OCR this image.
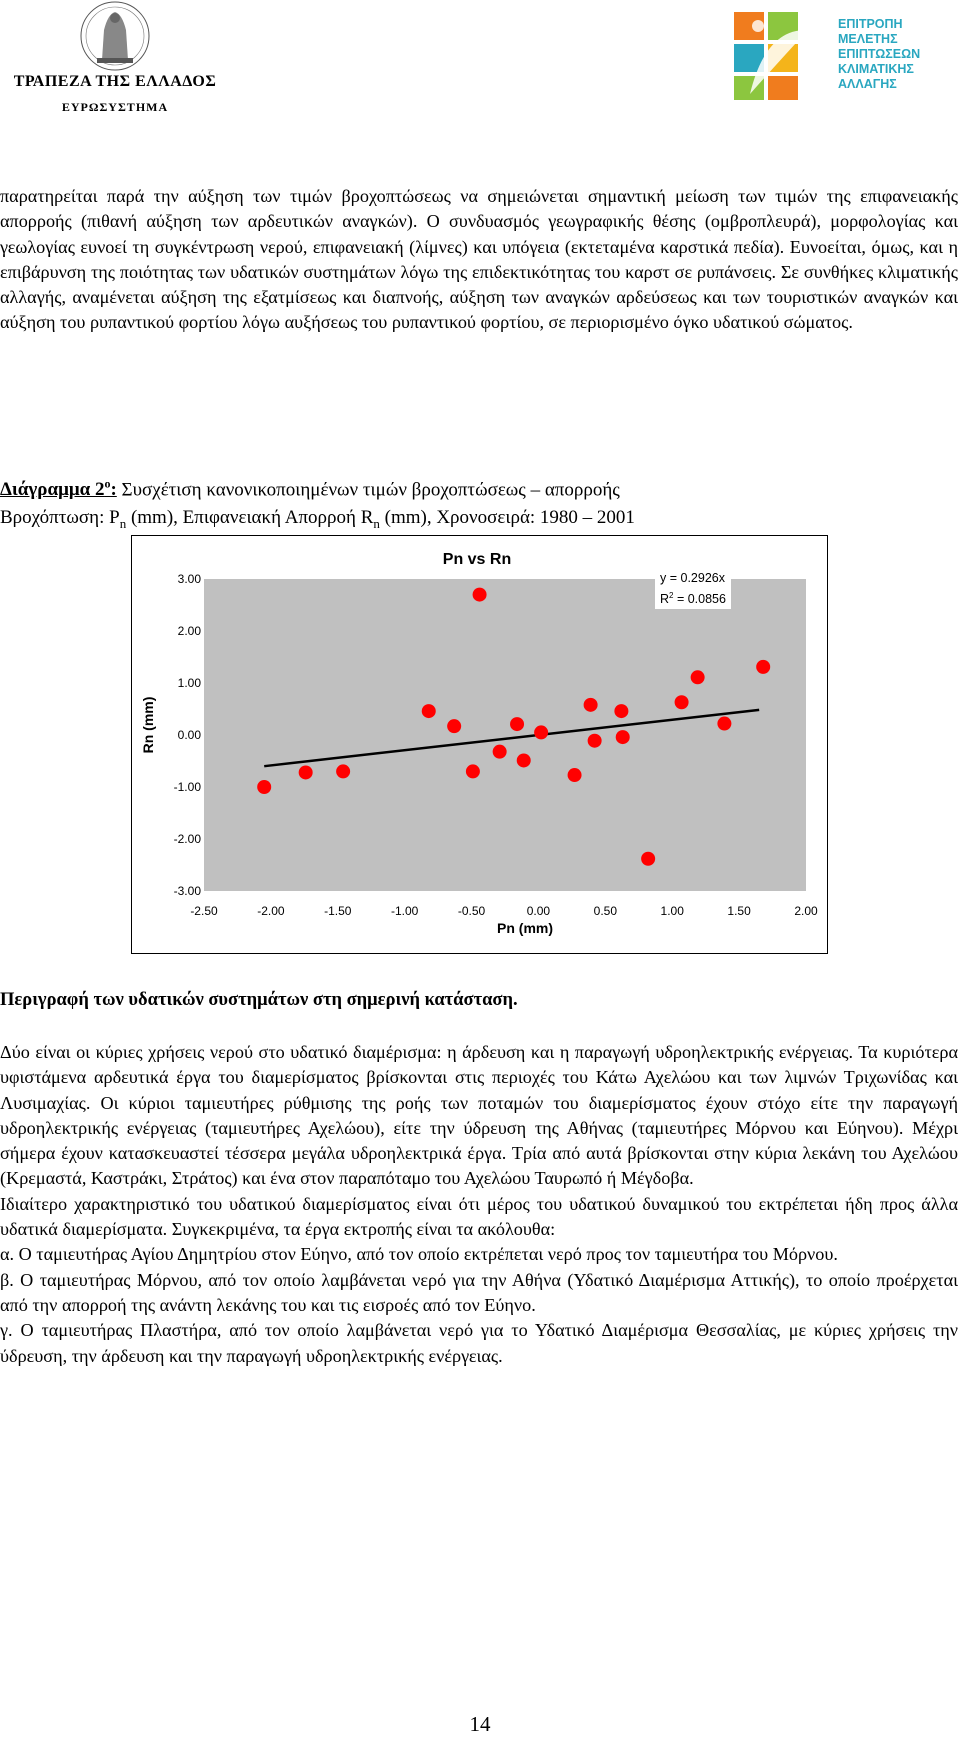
ΤΡΑΠΕΖΑ ΤΗΣ ΕΛΛΑΔΟΣ
ΕΥΡΩΣΥΣΤΗΜΑ
ΕΠΙΤΡΟΠΗ
ΜΕΛΕΤΗΣ
ΕΠΙΠΤΩΣΕΩΝ
ΚΛΙΜΑΤΙΚΗΣ
ΑΛΛΑΓΗΣ

παρατηρείται παρά την αύξηση των τιμών βροχοπτώσεως να σημειώνεται σημαντική μείωση των τιμών της επιφανειακής απορροής (πιθανή αύξηση των αρδευτικών αναγκών). Ο συνδυασμός γεωγραφικής θέσης (ομβροπλευρά), μορφολογίας και γεωλογίας ευνοεί τη συγκέντρωση νερού, επιφανειακή (λίμνες) και υπόγεια (εκτεταμένα καρστικά πεδία). Ευνοείται, όμως, και η επιβάρυνση της ποιότητας των υδατικών συστημάτων λόγω της επιδεκτικότητας του καρστ σε ρυπάνσεις. Σε συνθήκες κλιματικής αλλαγής, αναμένεται αύξηση της εξατμίσεως και διαπνοής, αύξηση των αναγκών αρδεύσεως και των τουριστικών αναγκών και αύξηση του ρυπαντικού φορτίου λόγω αυξήσεως του ρυπαντικού φορτίου, σε περιορισμένο όγκο υδατικού σώματος.

Διάγραμμα $2^o$: Συσχέτιση κανονικοποιημένων τιμών βροχοπτώσεως – απορροής
Βροχόπτωση: $P_n$ (mm), Επιφανειακή Απορροή $R_n$ (mm), Χρονοσειρά: 1980 – 2001
3.00
2.00
1.00
0.00
-1.00
-2.00
-3.00
-2.50	-2.00	-1.50	-1.00	-0.50	0.00	0.50	1.00	1.50	2.00
Pn vs Rn
y = 0.2926x
$R^2 = 0.0856$
Pn (mm)
Rn (mm)
Περιγραφή των υδατικών συστημάτων στη σημερινή κατάσταση.

Δύο είναι οι κύριες χρήσεις νερού στο υδατικό διαμέρισμα: η άρδευση και η παραγωγή υδροηλεκτρικής ενέργειας. Τα κυριότερα υφιστάμενα αρδευτικά έργα του διαμερίσματος βρίσκονται στις περιοχές του Κάτω Αχελώου και των λιμνών Τριχωνίδας και Λυσιμαχίας. Οι κύριοι ταμιευτήρες ρύθμισης της ροής των ποταμών του διαμερίσματος έχουν στόχο είτε την παραγωγή υδροηλεκτρικής ενέργειας (ταμιευτήρες Αχελώου), είτε την ύδρευση της Αθήνας (ταμιευτήρες Μόρνου και Εύηνου). Μέχρι σήμερα έχουν κατασκευαστεί τέσσερα μεγάλα υδροηλεκτρικά έργα. Τρία από αυτά βρίσκονται στην κύρια λεκάνη του Αχελώου (Κρεμαστά, Καστράκι, Στράτος) και ένα στον παραπόταμο του Αχελώου Ταυρωπό ή Μέγδοβα.

Ιδιαίτερο χαρακτηριστικό του υδατικού διαμερίσματος είναι ότι μέρος του υδατικού δυναμικού του εκτρέπεται ήδη προς άλλα υδατικά διαμερίσματα. Συγκεκριμένα, τα έργα εκτροπής είναι τα ακόλουθα:

α. Ο ταμιευτήρας Αγίου Δημητρίου στον Εύηνο, από τον οποίο εκτρέπεται νερό προς τον ταμιευτήρα του Μόρνου.

β. Ο ταμιευτήρας Μόρνου, από τον οποίο λαμβάνεται νερό για την Αθήνα (Υδατικό Διαμέρισμα Αττικής), το οποίο προέρχεται από την απορροή της ανάντη λεκάνης του και τις εισροές από τον Εύηνο.

γ. Ο ταμιευτήρας Πλαστήρα, από τον οποίο λαμβάνεται νερό για το Υδατικό Διαμέρισμα Θεσσαλίας, με κύριες χρήσεις την ύδρευση, την άρδευση και την παραγωγή υδροηλεκτρικής ενέργειας.

14
